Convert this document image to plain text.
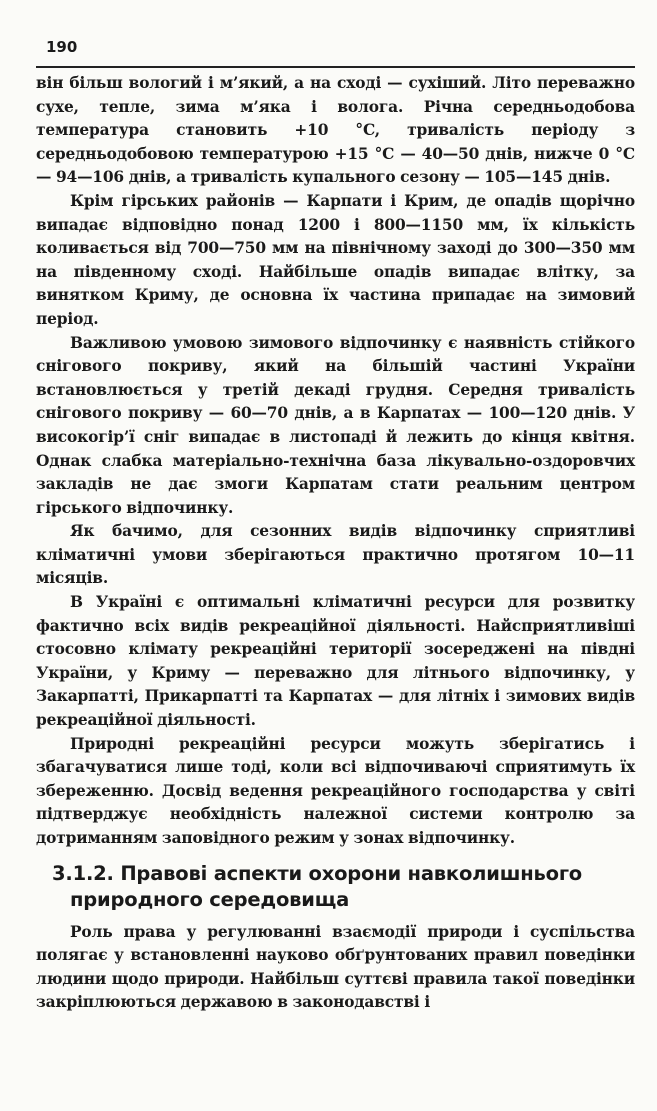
190

він більш вологий і м’який, а на сході — сухіший. Літо переважно сухе, тепле, зима м’яка і волога. Річна середньодобова температура становить +10 °C, тривалість періоду з середньодобовою температурою +15 °C — 40—50 днів, нижче 0 °C — 94—106 днів, а тривалість купального сезону — 105—145 днів.

Крім гірських районів — Карпати і Крим, де опадів щорічно випадає відповідно понад 1200 і 800—1150 мм, їх кількість коливається від 700—750 мм на північному заході до 300—350 мм на південному сході. Найбільше опадів випадає влітку, за винятком Криму, де основна їх частина припадає на зимовий період.

Важливою умовою зимового відпочинку є наявність стійкого снігового покриву, який на більшій частині України встановлюється у третій декаді грудня. Середня тривалість снігового покриву — 60—70 днів, а в Карпатах — 100—120 днів. У високогір’ї сніг випадає в листопаді й лежить до кінця квітня. Однак слабка матеріально-технічна база лікувально-оздоровчих закладів не дає змоги Карпатам стати реальним центром гірського відпочинку.

Як бачимо, для сезонних видів відпочинку сприятливі кліматичні умови зберігаються практично протягом 10—11 місяців.

В Україні є оптимальні кліматичні ресурси для розвитку фактично всіх видів рекреаційної діяльності. Найсприятливіші стосовно клімату рекреаційні території зосереджені на півдні України, у Криму — переважно для літнього відпочинку, у Закарпатті, Прикарпатті та Карпатах — для літніх і зимових видів рекреаційної діяльності.

Природні рекреаційні ресурси можуть зберігатись і збагачуватися лише тоді, коли всі відпочиваючі сприятимуть їх збереженню. Досвід ведення рекреаційного господарства у світі підтверджує необхідність належної системи контролю за дотриманням заповідного режим у зонах відпочинку.

3.1.2. Правові аспекти охорони навколишнього природного середовища

Роль права у регулюванні взаємодії природи і суспільства полягає у встановленні науково обґрунтованих правил поведінки людини щодо природи. Найбільш суттєві правила такої поведінки закріплюються державою в законодавстві і
